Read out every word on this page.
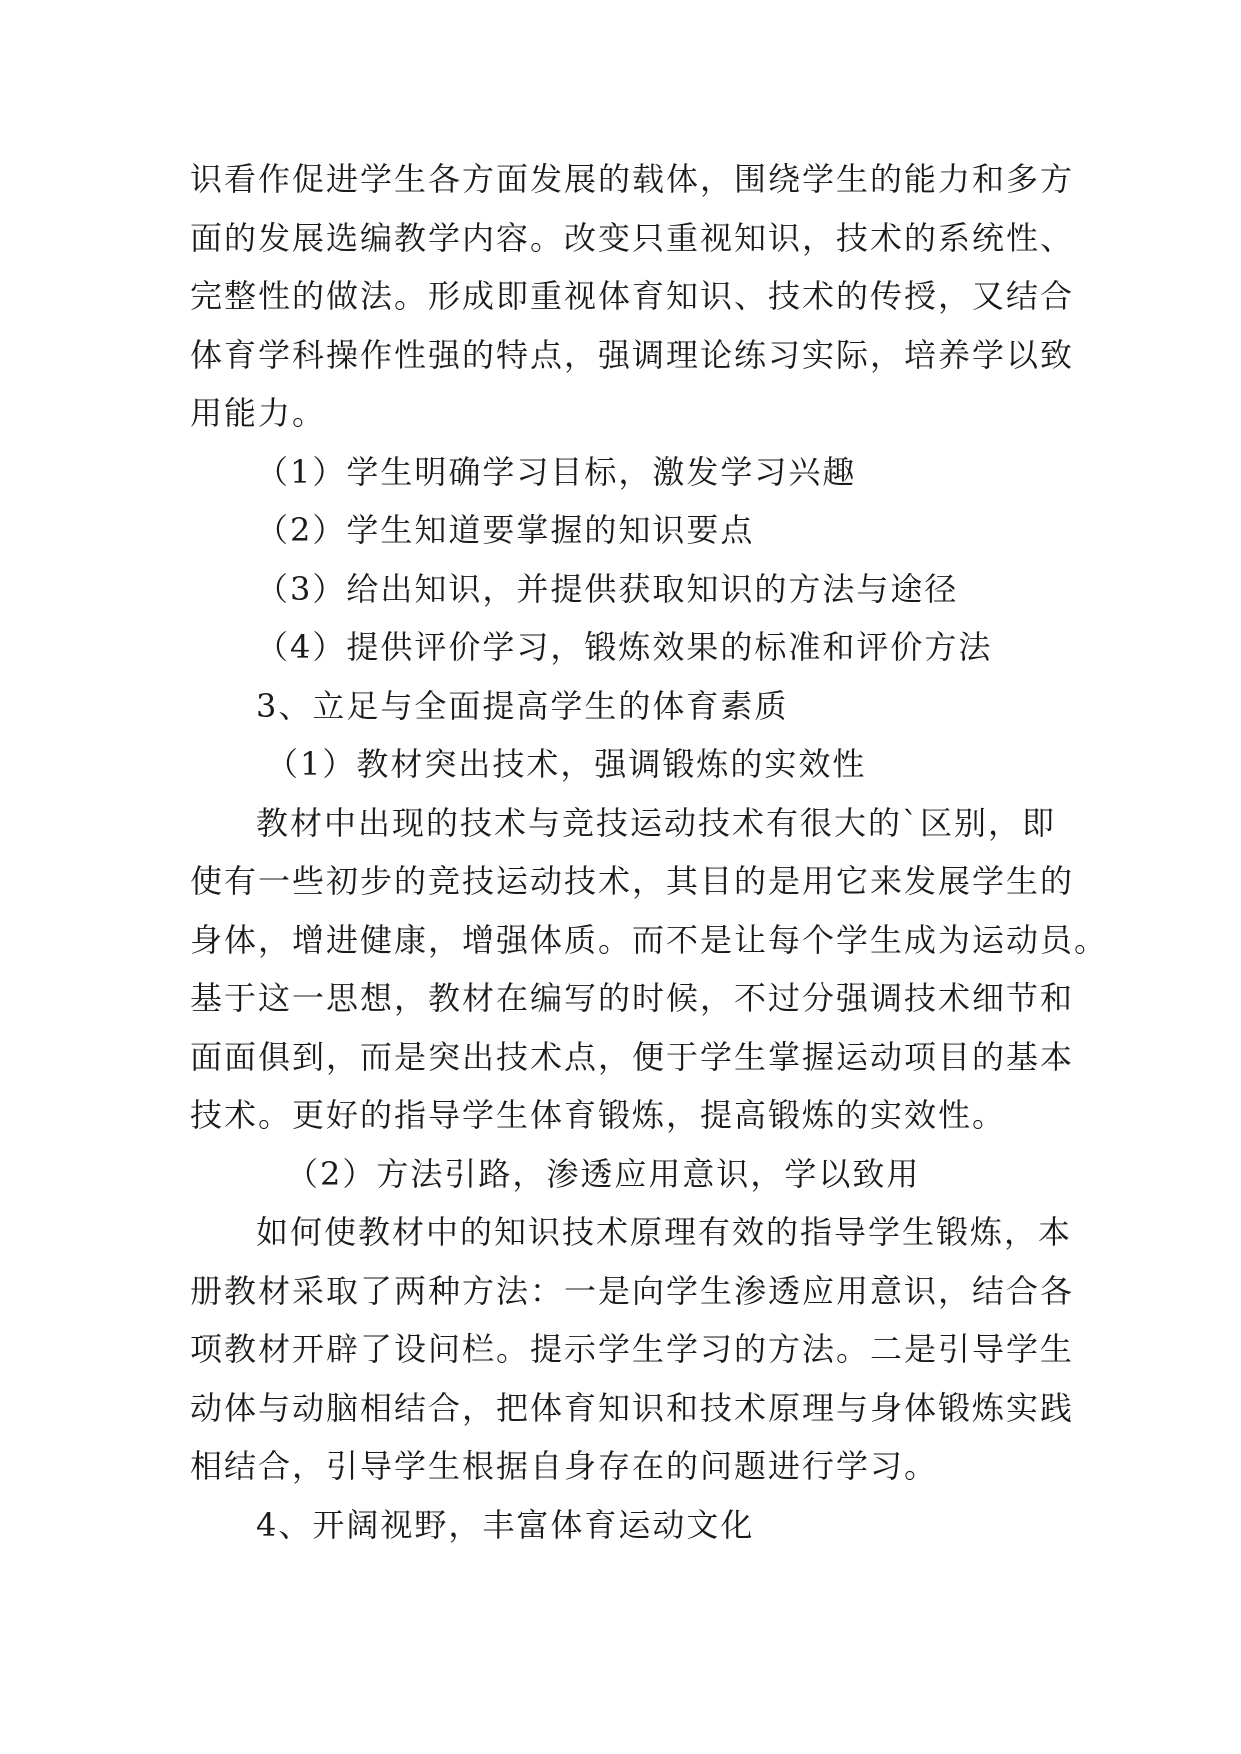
识看作促进学生各方面发展的载体，围绕学生的能力和多方
面的发展选编教学内容。改变只重视知识，技术的系统性、
完整性的做法。形成即重视体育知识、技术的传授，又结合
体育学科操作性强的特点，强调理论练习实际，培养学以致
用能力。
（1）学生明确学习目标，激发学习兴趣
（2）学生知道要掌握的知识要点
（3）给出知识，并提供获取知识的方法与途径
（4）提供评价学习，锻炼效果的标准和评价方法
3、立足与全面提高学生的体育素质
（1）教材突出技术，强调锻炼的实效性
教材中出现的技术与竞技运动技术有很大的`区别，即
使有一些初步的竞技运动技术，其目的是用它来发展学生的
身体，增进健康，增强体质。而不是让每个学生成为运动员。
基于这一思想，教材在编写的时候，不过分强调技术细节和
面面俱到，而是突出技术点，便于学生掌握运动项目的基本
技术。更好的指导学生体育锻炼，提高锻炼的实效性。
（2）方法引路，渗透应用意识，学以致用
如何使教材中的知识技术原理有效的指导学生锻炼，本
册教材采取了两种方法：一是向学生渗透应用意识，结合各
项教材开辟了设问栏。提示学生学习的方法。二是引导学生
动体与动脑相结合，把体育知识和技术原理与身体锻炼实践
相结合，引导学生根据自身存在的问题进行学习。
4、开阔视野，丰富体育运动文化
